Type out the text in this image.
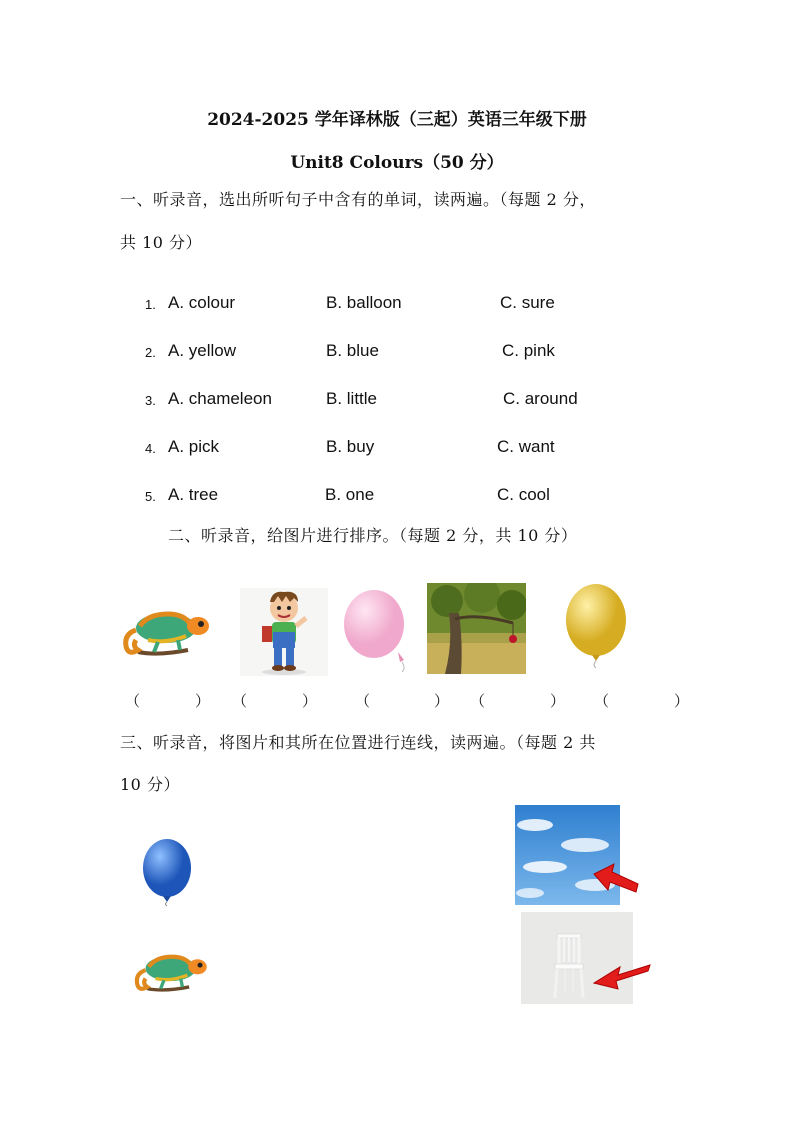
2024-2025 学年译林版（三起）英语三年级下册
Unit8 Colours（50 分）
一、听录音，选出所听句子中含有的单词，读两遍。（每题 2 分，
共 10 分）
1. A. colour	B. balloon	C. sure
2. A. yellow	B. blue	C. pink
3. A. chameleon	B. little	C. around
4. A. pick	B. buy	C. want
5. A. tree	B. one	C. cool
二、听录音，给图片进行排序。（每题 2 分，共 10 分）
（	） （	）	（	） （	） （	）
三、听录音，将图片和其所在位置进行连线，读两遍。（每题 2 共
10 分）
